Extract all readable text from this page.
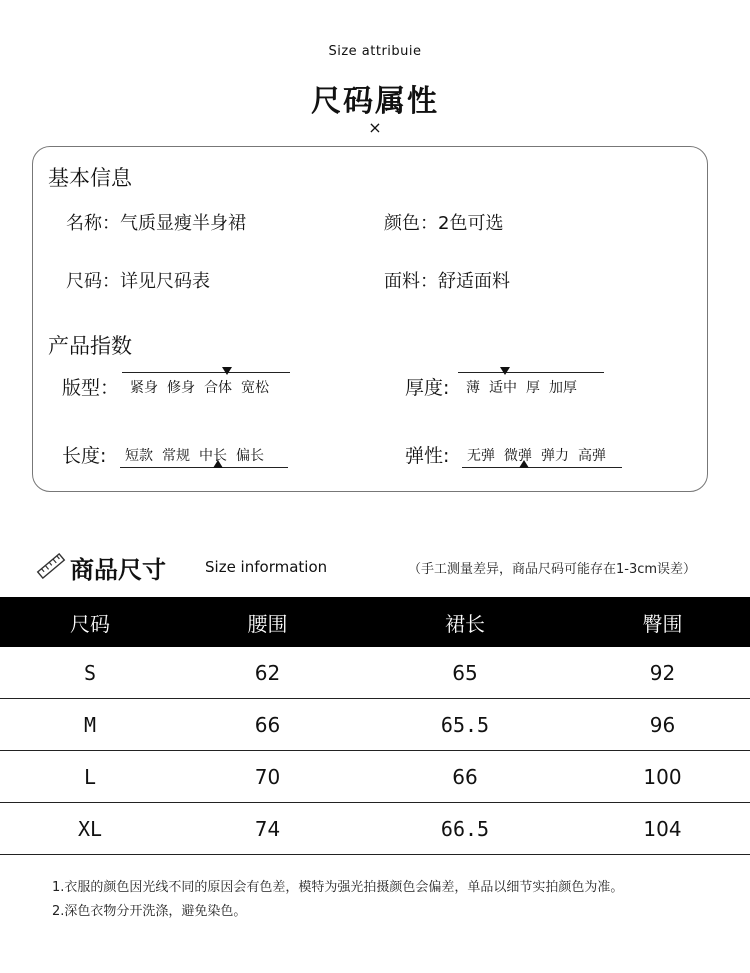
Size attribuie
尺码属性
×
基本信息
名称：气质显瘦半身裙	颜色：2色可选
尺码：详见尺码表	面料：舒适面料
产品指数
版型： 紧身 修身 合体 宽松	厚度: 薄 适中 厚 加厚
长度: 短款 常规 中长 偏长	弹性: 无弹 微弹 弹力 高弹
商品尺寸	Size information	（手工测量差异，商品尺码可能存在1-3cm误差）
尺码	腰围	裙长	臀围
S	62	65	92
M	66	65.5	96
L	70	66	100
XL	74	66.5	104
1.衣服的颜色因光线不同的原因会有色差，模特为强光拍摄颜色会偏差，单品以细节实拍颜色为准。
2.深色衣物分开洗涤，避免染色。
